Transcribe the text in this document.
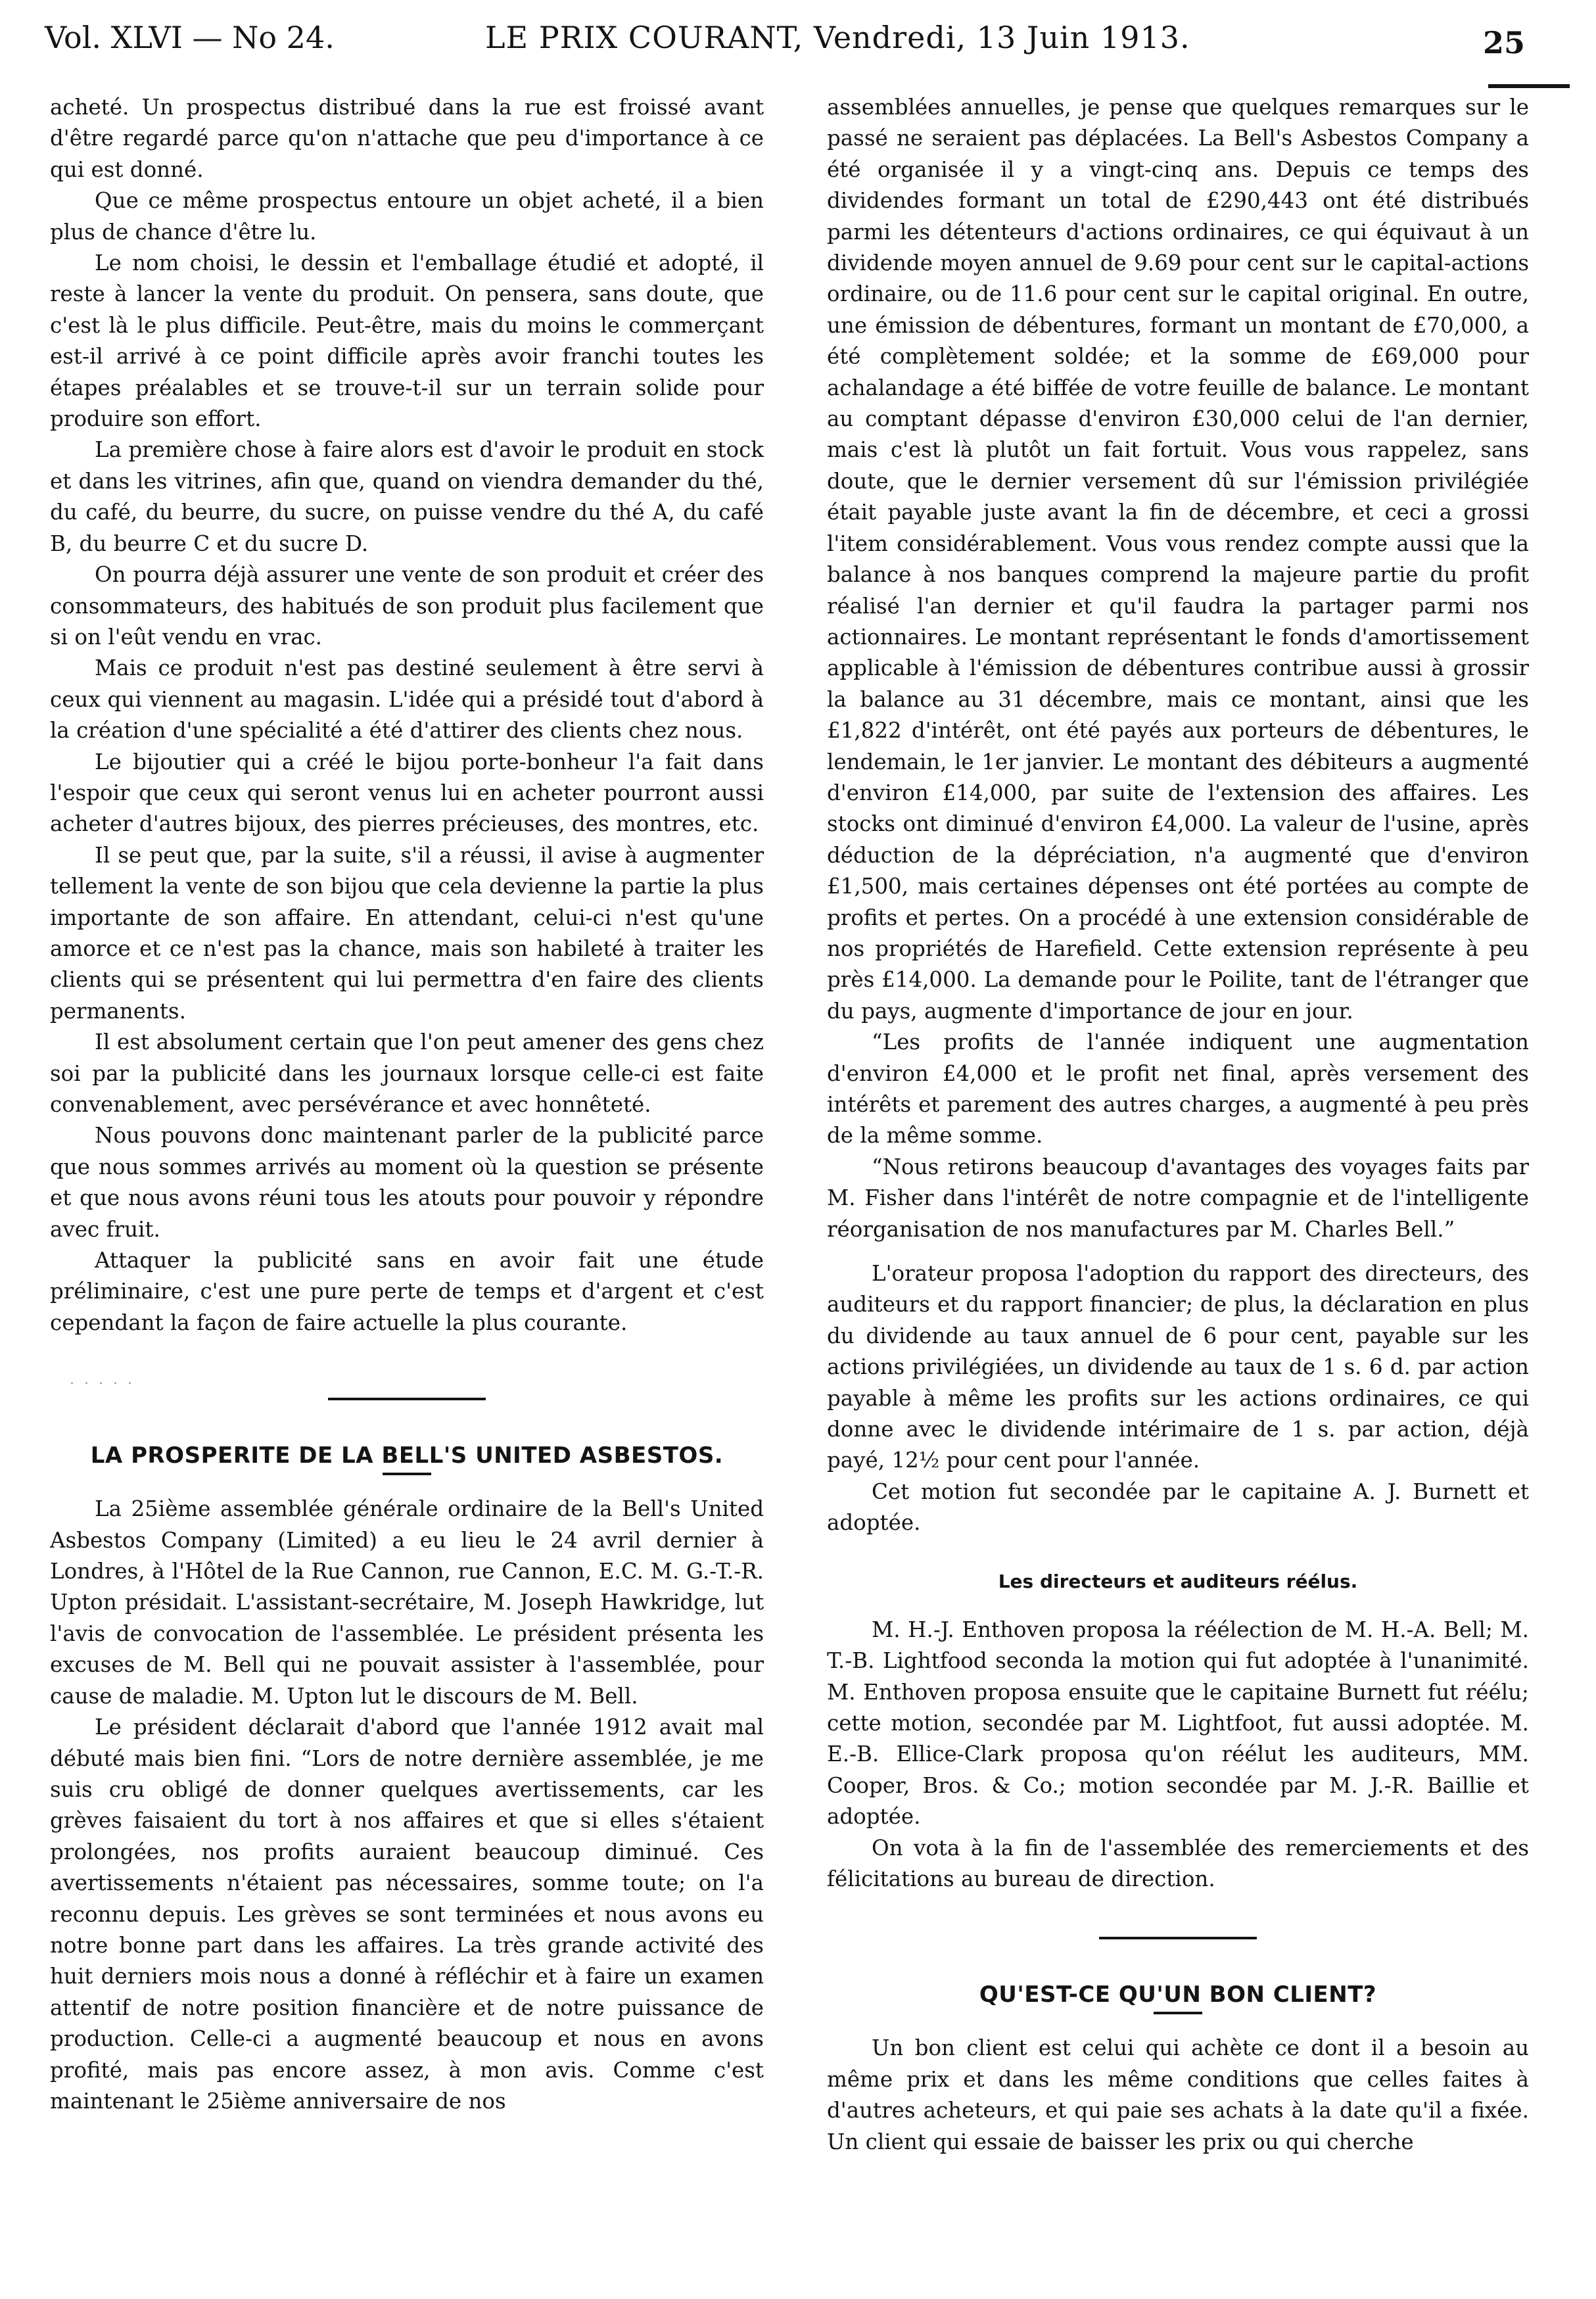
Vol. XLVI — No 24.	LE PRIX COURANT, Vendredi, 13 Juin 1913.	25

acheté. Un prospectus distribué dans la rue est froissé avant d'être regardé parce qu'on n'attache que peu d'importance à ce qui est donné.

Que ce même prospectus entoure un objet acheté, il a bien plus de chance d'être lu.

Le nom choisi, le dessin et l'emballage étudié et adopté, il reste à lancer la vente du produit. On pensera, sans doute, que c'est là le plus difficile. Peut-être, mais du moins le commerçant est-il arrivé à ce point difficile après avoir franchi toutes les étapes préalables et se trouve-t-il sur un terrain solide pour produire son effort.

La première chose à faire alors est d'avoir le produit en stock et dans les vitrines, afin que, quand on viendra demander du thé, du café, du beurre, du sucre, on puisse vendre du thé A, du café B, du beurre C et du sucre D.

On pourra déjà assurer une vente de son produit et créer des consommateurs, des habitués de son produit plus facilement que si on l'eût vendu en vrac.

Mais ce produit n'est pas destiné seulement à être servi à ceux qui viennent au magasin. L'idée qui a présidé tout d'abord à la création d'une spécialité a été d'attirer des clients chez nous.

Le bijoutier qui a créé le bijou porte-bonheur l'a fait dans l'espoir que ceux qui seront venus lui en acheter pourront aussi acheter d'autres bijoux, des pierres précieuses, des montres, etc.

Il se peut que, par la suite, s'il a réussi, il avise à augmenter tellement la vente de son bijou que cela devienne la partie la plus importante de son affaire. En attendant, celui-ci n'est qu'une amorce et ce n'est pas la chance, mais son habileté à traiter les clients qui se présentent qui lui permettra d'en faire des clients permanents.

Il est absolument certain que l'on peut amener des gens chez soi par la publicité dans les journaux lorsque celle-ci est faite convenablement, avec persévérance et avec honnêteté.

Nous pouvons donc maintenant parler de la publicité parce que nous sommes arrivés au moment où la question se présente et que nous avons réuni tous les atouts pour pouvoir y répondre avec fruit.

Attaquer la publicité sans en avoir fait une étude préliminaire, c'est une pure perte de temps et d'argent et c'est cependant la façon de faire actuelle la plus courante.

. . . . .
LA PROSPERITE DE LA BELL'S UNITED ASBESTOS.

La 25ième assemblée générale ordinaire de la Bell's United Asbestos Company (Limited) a eu lieu le 24 avril dernier à Londres, à l'Hôtel de la Rue Cannon, rue Cannon, E.C. M. G.-T.-R. Upton présidait. L'assistant-secrétaire, M. Joseph Hawkridge, lut l'avis de convocation de l'assemblée. Le président présenta les excuses de M. Bell qui ne pouvait assister à l'assemblée, pour cause de maladie. M. Upton lut le discours de M. Bell.

Le président déclarait d'abord que l'année 1912 avait mal débuté mais bien fini. “Lors de notre dernière assemblée, je me suis cru obligé de donner quelques avertissements, car les grèves faisaient du tort à nos affaires et que si elles s'étaient prolongées, nos profits auraient beaucoup diminué. Ces avertissements n'étaient pas nécessaires, somme toute; on l'a reconnu depuis. Les grèves se sont terminées et nous avons eu notre bonne part dans les affaires. La très grande activité des huit derniers mois nous a donné à réfléchir et à faire un examen attentif de notre position financière et de notre puissance de production. Celle-ci a augmenté beaucoup et nous en avons profité, mais pas encore assez, à mon avis. Comme c'est maintenant le 25ième anniversaire de nos

assemblées annuelles, je pense que quelques remarques sur le passé ne seraient pas déplacées. La Bell's Asbestos Company a été organisée il y a vingt-cinq ans. Depuis ce temps des dividendes formant un total de £290,443 ont été distribués parmi les détenteurs d'actions ordinaires, ce qui équivaut à un dividende moyen annuel de 9.69 pour cent sur le capital-actions ordinaire, ou de 11.6 pour cent sur le capital original. En outre, une émission de débentures, formant un montant de £70,000, a été complètement soldée; et la somme de £69,000 pour achalandage a été biffée de votre feuille de balance. Le montant au comptant dépasse d'environ £30,000 celui de l'an dernier, mais c'est là plutôt un fait fortuit. Vous vous rappelez, sans doute, que le dernier versement dû sur l'émission privilégiée était payable juste avant la fin de décembre, et ceci a grossi l'item considérablement. Vous vous rendez compte aussi que la balance à nos banques comprend la majeure partie du profit réalisé l'an dernier et qu'il faudra la partager parmi nos actionnaires. Le montant représentant le fonds d'amortissement applicable à l'émission de débentures contribue aussi à grossir la balance au 31 décembre, mais ce montant, ainsi que les £1,822 d'intérêt, ont été payés aux porteurs de débentures, le lendemain, le 1er janvier. Le montant des débiteurs a augmenté d'environ £14,000, par suite de l'extension des affaires. Les stocks ont diminué d'environ £4,000. La valeur de l'usine, après déduction de la dépréciation, n'a augmenté que d'environ £1,500, mais certaines dépenses ont été portées au compte de profits et pertes. On a procédé à une extension considérable de nos propriétés de Harefield. Cette extension représente à peu près £14,000. La demande pour le Poilite, tant de l'étranger que du pays, augmente d'importance de jour en jour.

“Les profits de l'année indiquent une augmentation d'environ £4,000 et le profit net final, après versement des intérêts et parement des autres charges, a augmenté à peu près de la même somme.

“Nous retirons beaucoup d'avantages des voyages faits par M. Fisher dans l'intérêt de notre compagnie et de l'intelligente réorganisation de nos manufactures par M. Charles Bell.”

L'orateur proposa l'adoption du rapport des directeurs, des auditeurs et du rapport financier; de plus, la déclaration en plus du dividende au taux annuel de 6 pour cent, payable sur les actions privilégiées, un dividende au taux de 1 s. 6 d. par action payable à même les profits sur les actions ordinaires, ce qui donne avec le dividende intérimaire de 1 s. par action, déjà payé, 12½ pour cent pour l'année.

Cet motion fut secondée par le capitaine A. J. Burnett et adoptée.

Les directeurs et auditeurs réélus.

M. H.-J. Enthoven proposa la réélection de M. H.-A. Bell; M. T.-B. Lightfood seconda la motion qui fut adoptée à l'unanimité. M. Enthoven proposa ensuite que le capitaine Burnett fut réélu; cette motion, secondée par M. Lightfoot, fut aussi adoptée. M. E.-B. Ellice-Clark proposa qu'on réélut les auditeurs, MM. Cooper, Bros. & Co.; motion secondée par M. J.-R. Baillie et adoptée.

On vota à la fin de l'assemblée des remerciements et des félicitations au bureau de direction.

QU'EST-CE QU'UN BON CLIENT?

Un bon client est celui qui achète ce dont il a besoin au même prix et dans les même conditions que celles faites à d'autres acheteurs, et qui paie ses achats à la date qu'il a fixée. Un client qui essaie de baisser les prix ou qui cherche
